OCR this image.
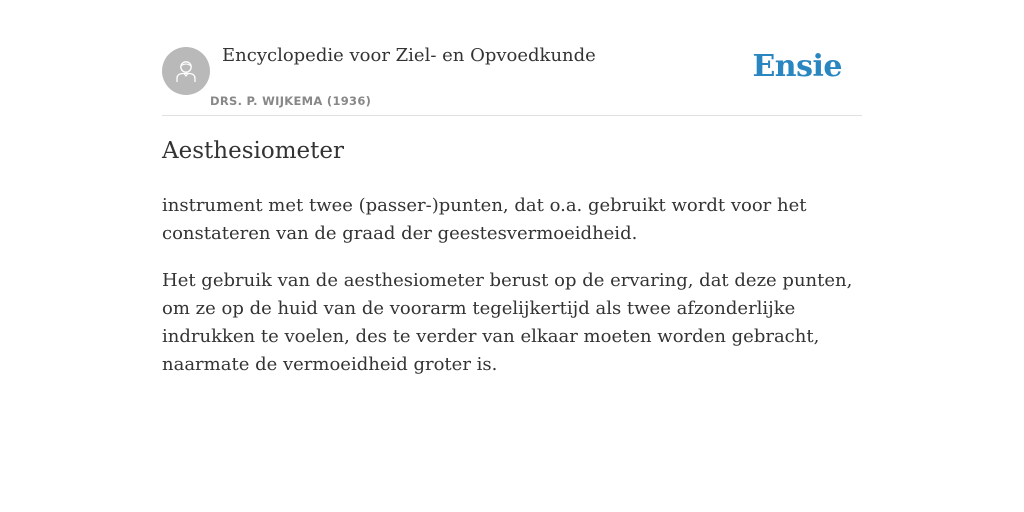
Encyclopedie voor Ziel- en Opvoedkunde
DRS. P. WIJKEMA (1936)
Ensie
Aesthesiometer

instrument met twee (passer-)punten, dat o.a. gebruikt wordt voor het constateren van de graad der geestesvermoeidheid.

Het gebruik van de aesthesiometer berust op de ervaring, dat deze punten, om ze op de huid van de voorarm tegelijkertijd als twee afzonderlijke indrukken te voelen, des te verder van elkaar moeten worden gebracht, naarmate de vermoeidheid groter is.
